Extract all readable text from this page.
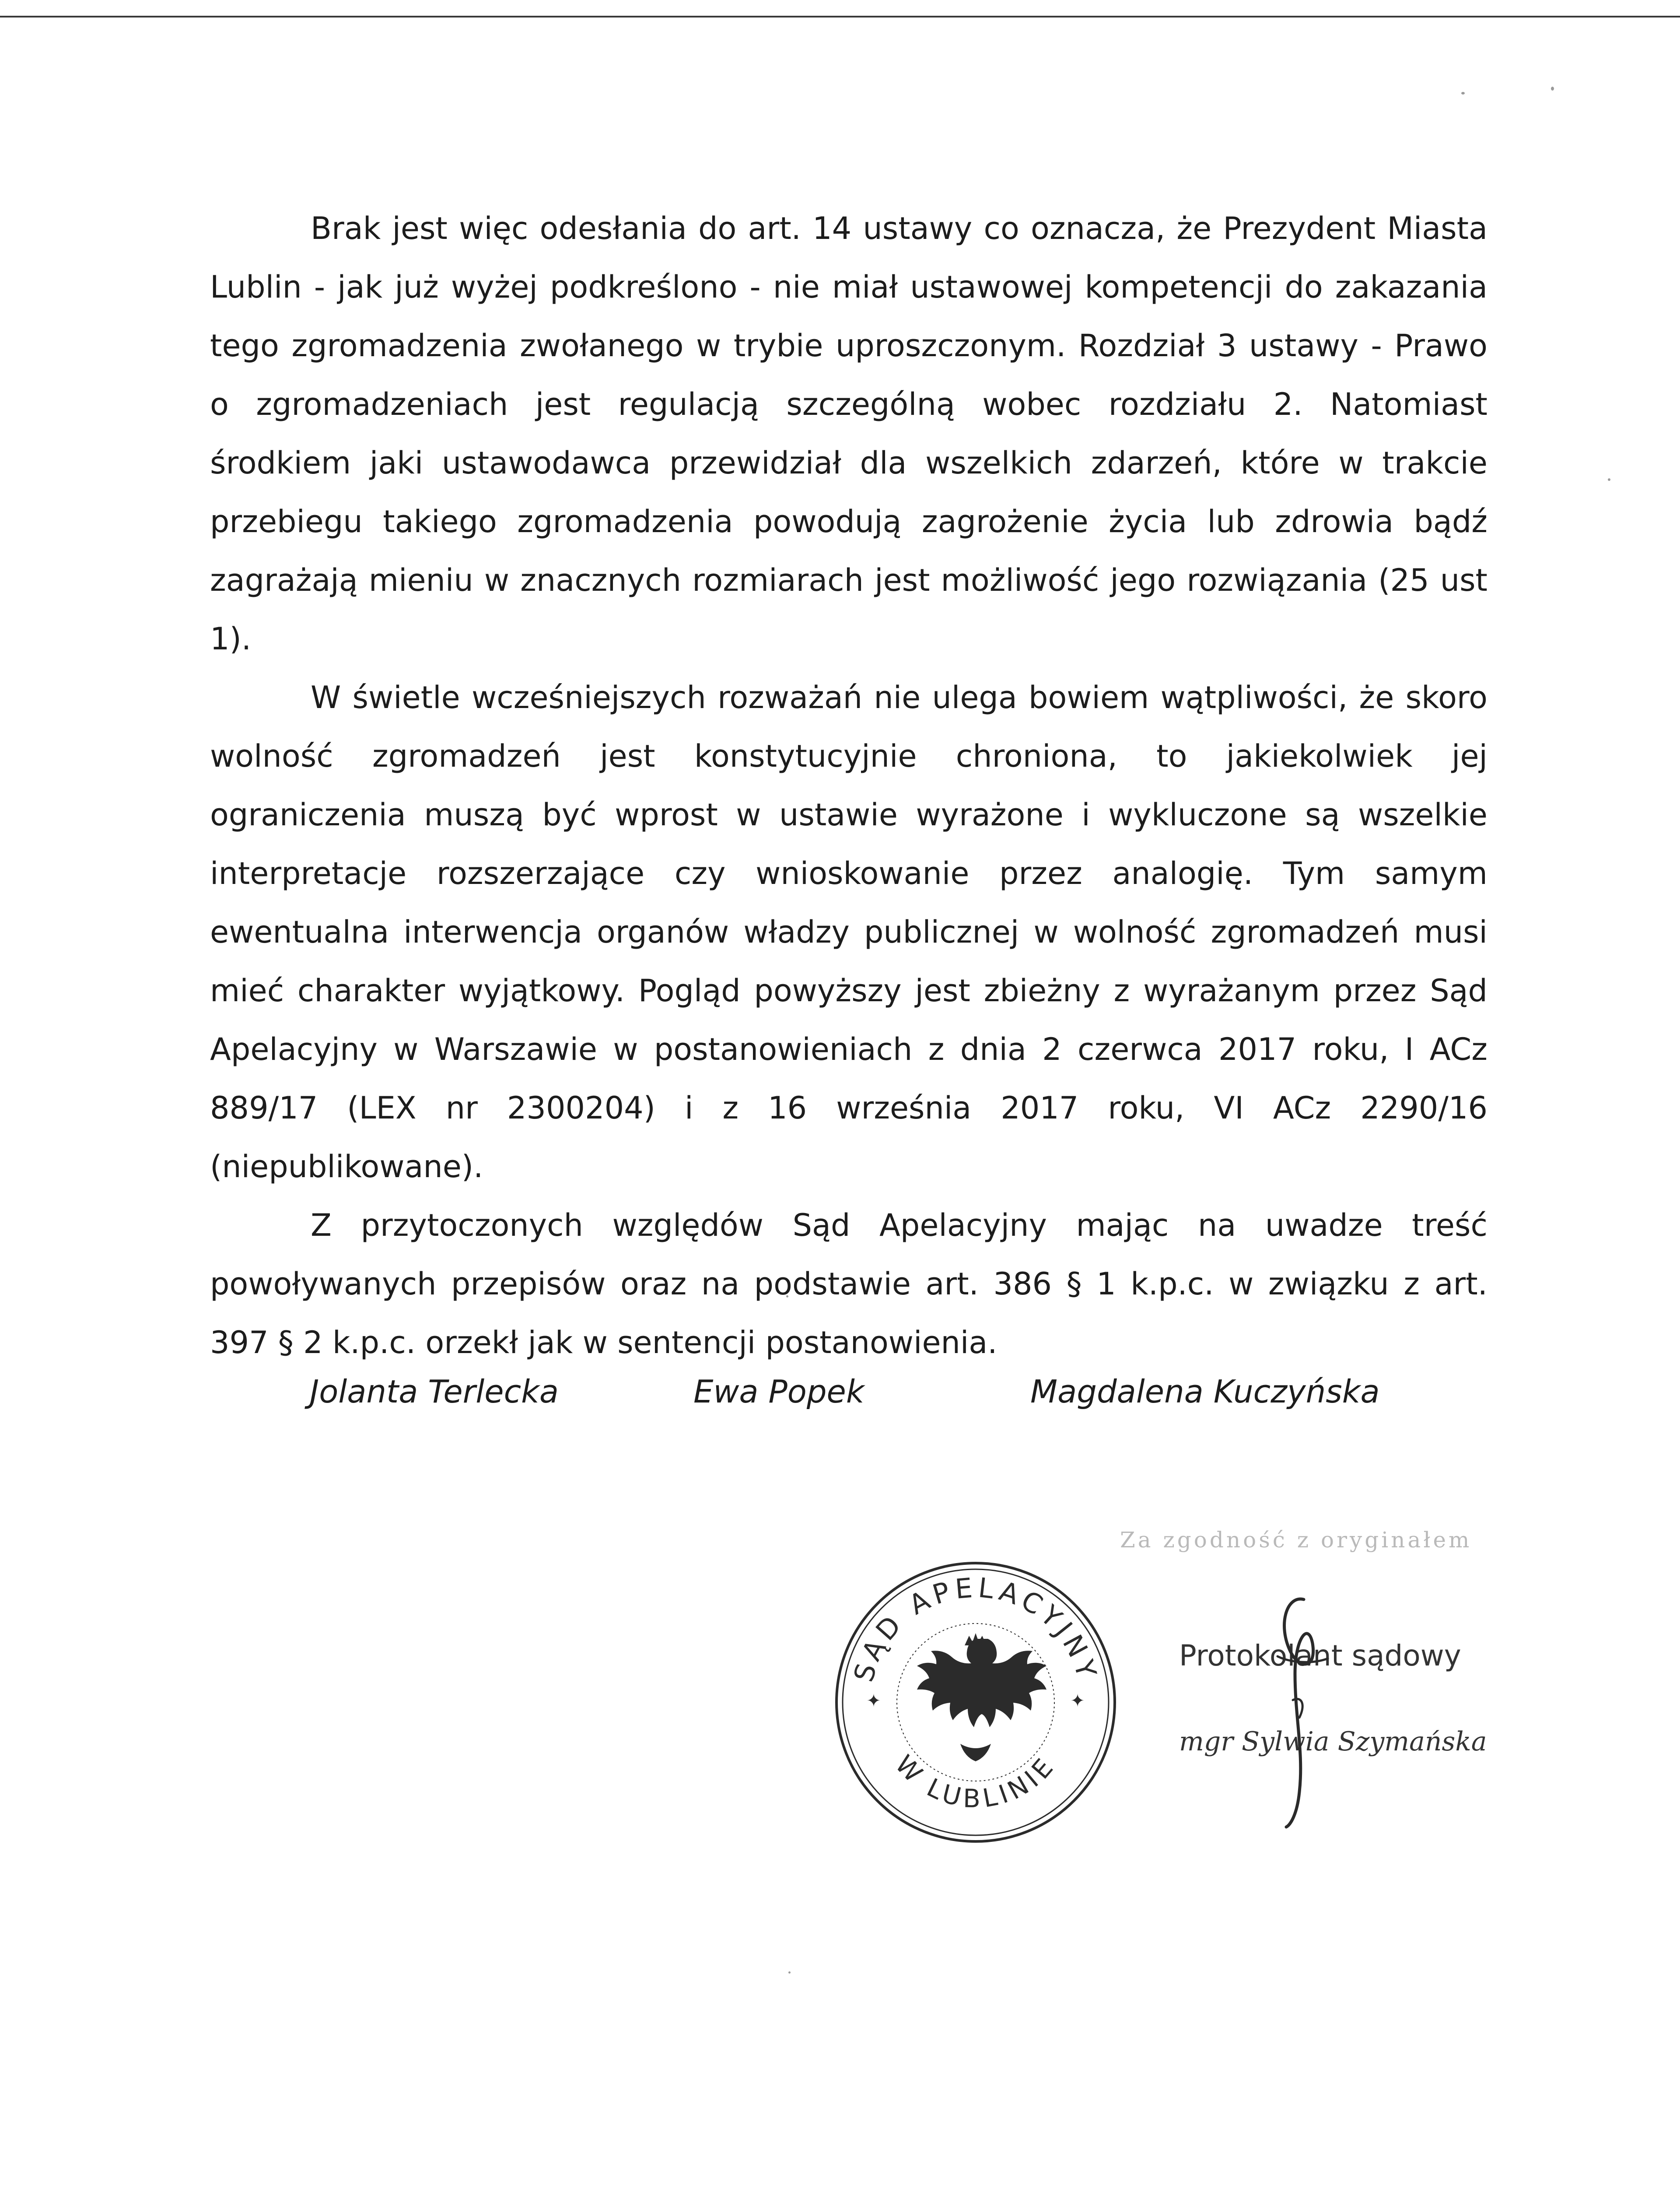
Brak jest więc odesłania do art. 14 ustawy co oznacza, że Prezydent Miasta Lublin - jak już wyżej podkreślono - nie miał ustawowej kompetencji do zakazania tego zgromadzenia zwołanego w trybie uproszczonym. Rozdział 3 ustawy - Prawo o zgromadzeniach jest regulacją szczególną wobec rozdziału 2. Natomiast środkiem jaki ustawodawca przewidział dla wszelkich zdarzeń, które w trakcie przebiegu takiego zgromadzenia powodują zagrożenie życia lub zdrowia bądź zagrażają mieniu w znacznych rozmiarach jest możliwość jego rozwiązania (25 ust 1).

W świetle wcześniejszych rozważań nie ulega bowiem wątpliwości, że skoro wolność zgromadzeń jest konstytucyjnie chroniona, to jakiekolwiek jej ograniczenia muszą być wprost w ustawie wyrażone i wykluczone są wszelkie interpretacje rozszerzające czy wnioskowanie przez analogię. Tym samym ewentualna interwencja organów władzy publicznej w wolność zgromadzeń musi mieć charakter wyjątkowy. Pogląd powyższy jest zbieżny z wyrażanym przez Sąd Apelacyjny w Warszawie w postanowieniach z dnia 2 czerwca 2017 roku, I ACz 889/17 (LEX nr 2300204) i z 16 września 2017 roku, VI ACz 2290/16 (niepublikowane).

Z przytoczonych względów Sąd Apelacyjny mając na uwadze treść powoływanych przepisów oraz na podstawie art. 386 § 1 k.p.c. w związku z art. 397 § 2 k.p.c. orzekł jak w sentencji postanowienia.

Jolanta Terlecka	Ewa Popek	Magdalena Kuczyńska
Za zgodność z oryginałem
SĄD APELACYJNY
W LUBLINIE
✦	✦
Protokolant sądowy
mgr Sylwia Szymańska
